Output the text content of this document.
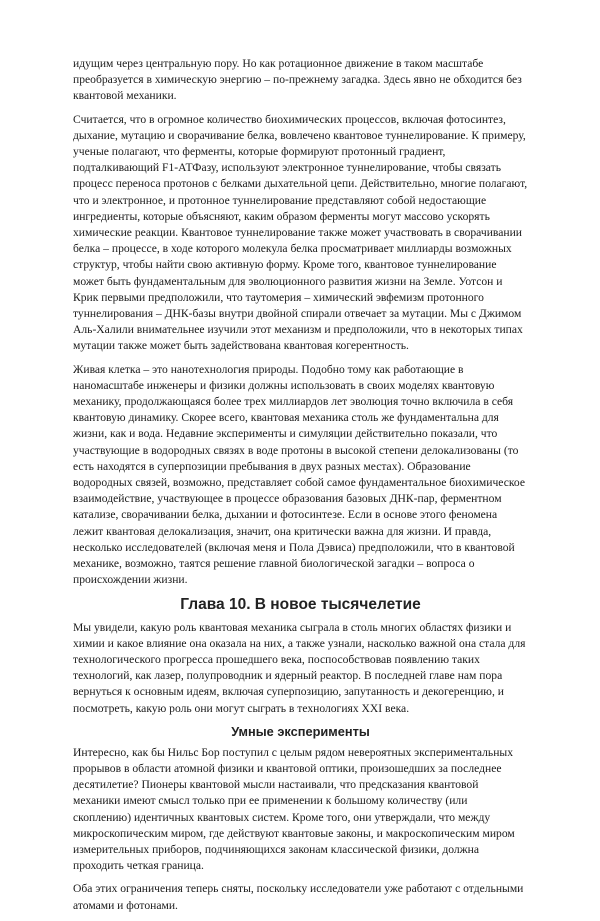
идущим через центральную пору. Но как ротационное движение в таком масштабе преобразуется в химическую энергию – по-прежнему загадка. Здесь явно не обходится без квантовой механики.

Считается, что в огромное количество биохимических процессов, включая фотосинтез, дыхание, мутацию и сворачивание белка, вовлечено квантовое туннелирование. К примеру, ученые полагают, что ферменты, которые формируют протонный градиент, подталкивающий F1-АТФазу, используют электронное туннелирование, чтобы связать процесс переноса протонов с белками дыхательной цепи. Действительно, многие полагают, что и электронное, и протонное туннелирование представляют собой недостающие ингредиенты, которые объясняют, каким образом ферменты могут массово ускорять химические реакции. Квантовое туннелирование также может участвовать в сворачивании белка – процессе, в ходе которого молекула белка просматривает миллиарды возможных структур, чтобы найти свою активную форму. Кроме того, квантовое туннелирование может быть фундаментальным для эволюционного развития жизни на Земле. Уотсон и Крик первыми предположили, что таутомерия – химический эвфемизм протонного туннелирования – ДНК-базы внутри двойной спирали отвечает за мутации. Мы с Джимом Аль-Халили внимательнее изучили этот механизм и предположили, что в некоторых типах мутации также может быть задействована квантовая когерентность.

Живая клетка – это нанотехнология природы. Подобно тому как работающие в наномасштабе инженеры и физики должны использовать в своих моделях квантовую механику, продолжающаяся более трех миллиардов лет эволюция точно включила в себя квантовую динамику. Скорее всего, квантовая механика столь же фундаментальна для жизни, как и вода. Недавние эксперименты и симуляции действительно показали, что участвующие в водородных связях в воде протоны в высокой степени делокализованы (то есть находятся в суперпозиции пребывания в двух разных местах). Образование водородных связей, возможно, представляет собой самое фундаментальное биохимическое взаимодействие, участвующее в процессе образования базовых ДНК-пар, ферментном катализе, сворачивании белка, дыхании и фотосинтезе. Если в основе этого феномена лежит квантовая делокализация, значит, она критически важна для жизни. И правда, несколько исследователей (включая меня и Пола Дэвиса) предположили, что в квантовой механике, возможно, таятся решение главной биологической загадки – вопроса о происхождении жизни.

Глава 10. В новое тысячелетие

Мы увидели, какую роль квантовая механика сыграла в столь многих областях физики и химии и какое влияние она оказала на них, а также узнали, насколько важной она стала для технологического прогресса прошедшего века, поспособствовав появлению таких технологий, как лазер, полупроводник и ядерный реактор. В последней главе нам пора вернуться к основным идеям, включая суперпозицию, запутанность и декогеренцию, и посмотреть, какую роль они могут сыграть в технологиях XXI века.

Умные эксперименты

Интересно, как бы Нильс Бор поступил с целым рядом невероятных экспериментальных прорывов в области атомной физики и квантовой оптики, произошедших за последнее десятилетие? Пионеры квантовой мысли настаивали, что предсказания квантовой механики имеют смысл только при ее применении к большому количеству (или скоплению) идентичных квантовых систем. Кроме того, они утверждали, что между микроскопическим миром, где действуют квантовые законы, и макроскопическим миром измерительных приборов, подчиняющихся законам классической физики, должна проходить четкая граница.

Оба этих ограничения теперь сняты, поскольку исследователи уже работают с отдельными атомами и фотонами.
